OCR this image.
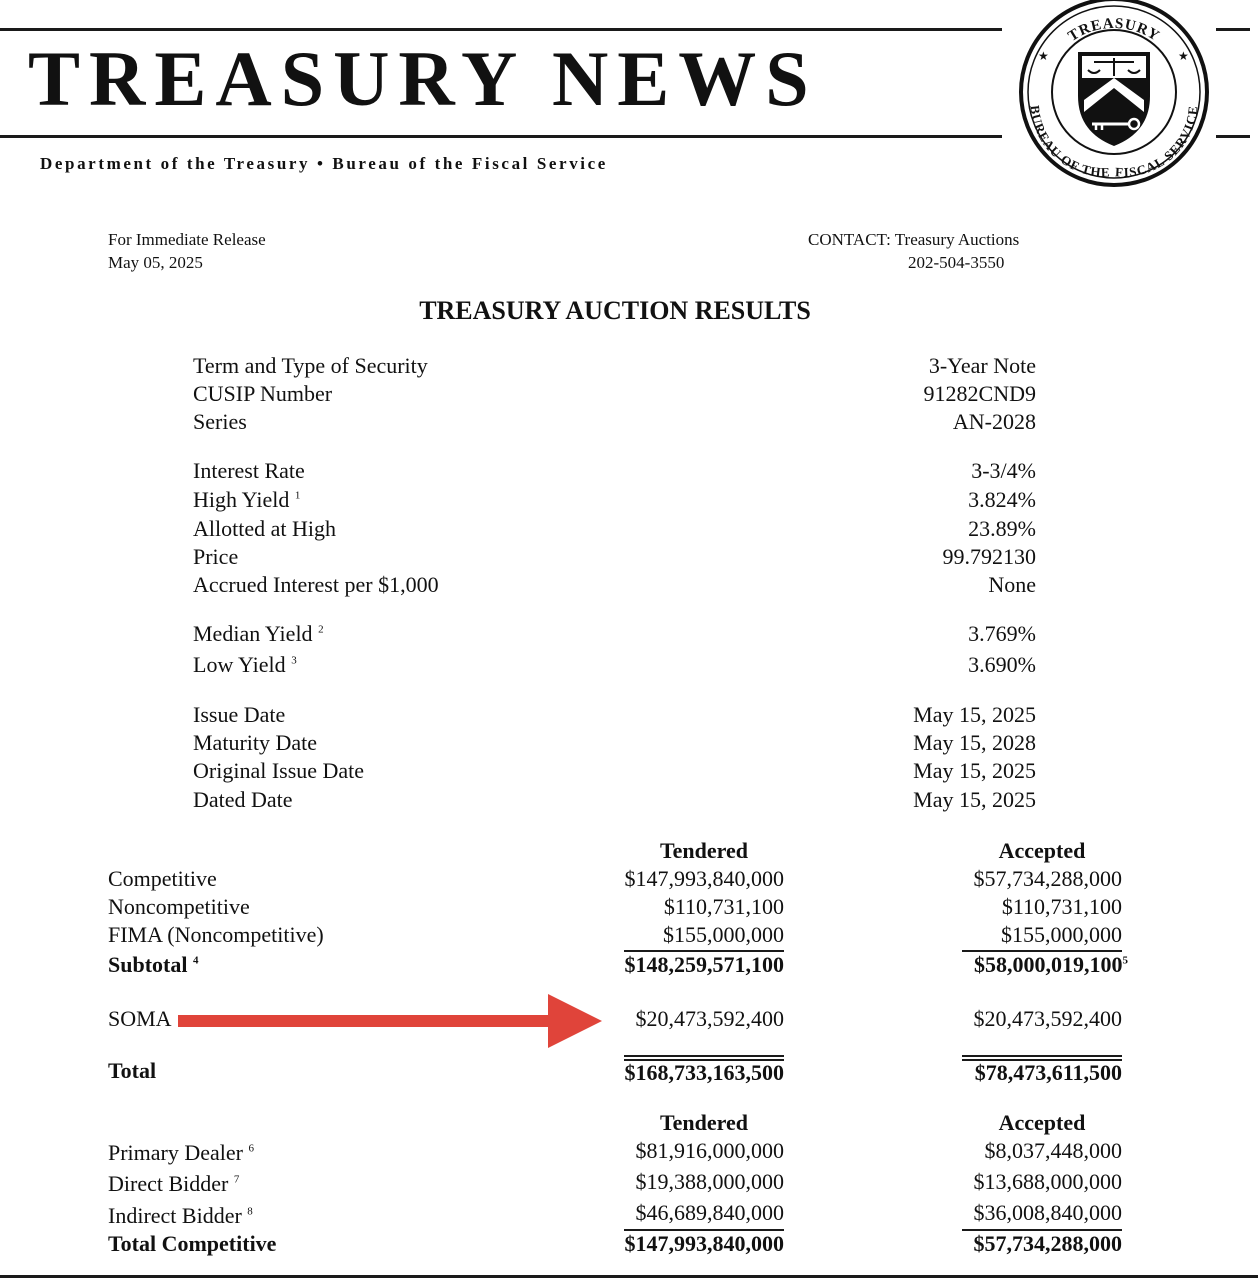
TREASURY NEWS
Department of the Treasury • Bureau of the Fiscal Service
TREASURY
BUREAU OF THE FISCAL SERVICE
★	★
For Immediate Release
May 05, 2025
CONTACT: Treasury Auctions
202-504-3550
TREASURY AUCTION RESULTS
Term and Type of Security	3-Year Note
CUSIP Number	91282CND9
Series	AN-2028
Interest Rate	3-3/4%
High Yield $^1$	3.824%
Allotted at High	23.89%
Price	99.792130
Accrued Interest per $1,000	None
Median Yield $^2$	3.769%
Low Yield $^3$	3.690%
Issue Date	May 15, 2025
Maturity Date	May 15, 2028
Original Issue Date	May 15, 2025
Dated Date	May 15, 2025
Tendered	Accepted
Competitive	$147,993,840,000	$57,734,288,000
Noncompetitive	$110,731,100	$110,731,100
FIMA (Noncompetitive)	$155,000,000	$155,000,000
Subtotal $^4$	$148,259,571,100	$58,000,019,100$^5$
SOMA	$20,473,592,400	$20,473,592,400
Total	$168,733,163,500	$78,473,611,500
Tendered	Accepted
Primary Dealer $^6$	$81,916,000,000	$8,037,448,000
Direct Bidder $^7$	$19,388,000,000	$13,688,000,000
Indirect Bidder $^8$	$46,689,840,000	$36,008,840,000
Total Competitive	$147,993,840,000	$57,734,288,000
